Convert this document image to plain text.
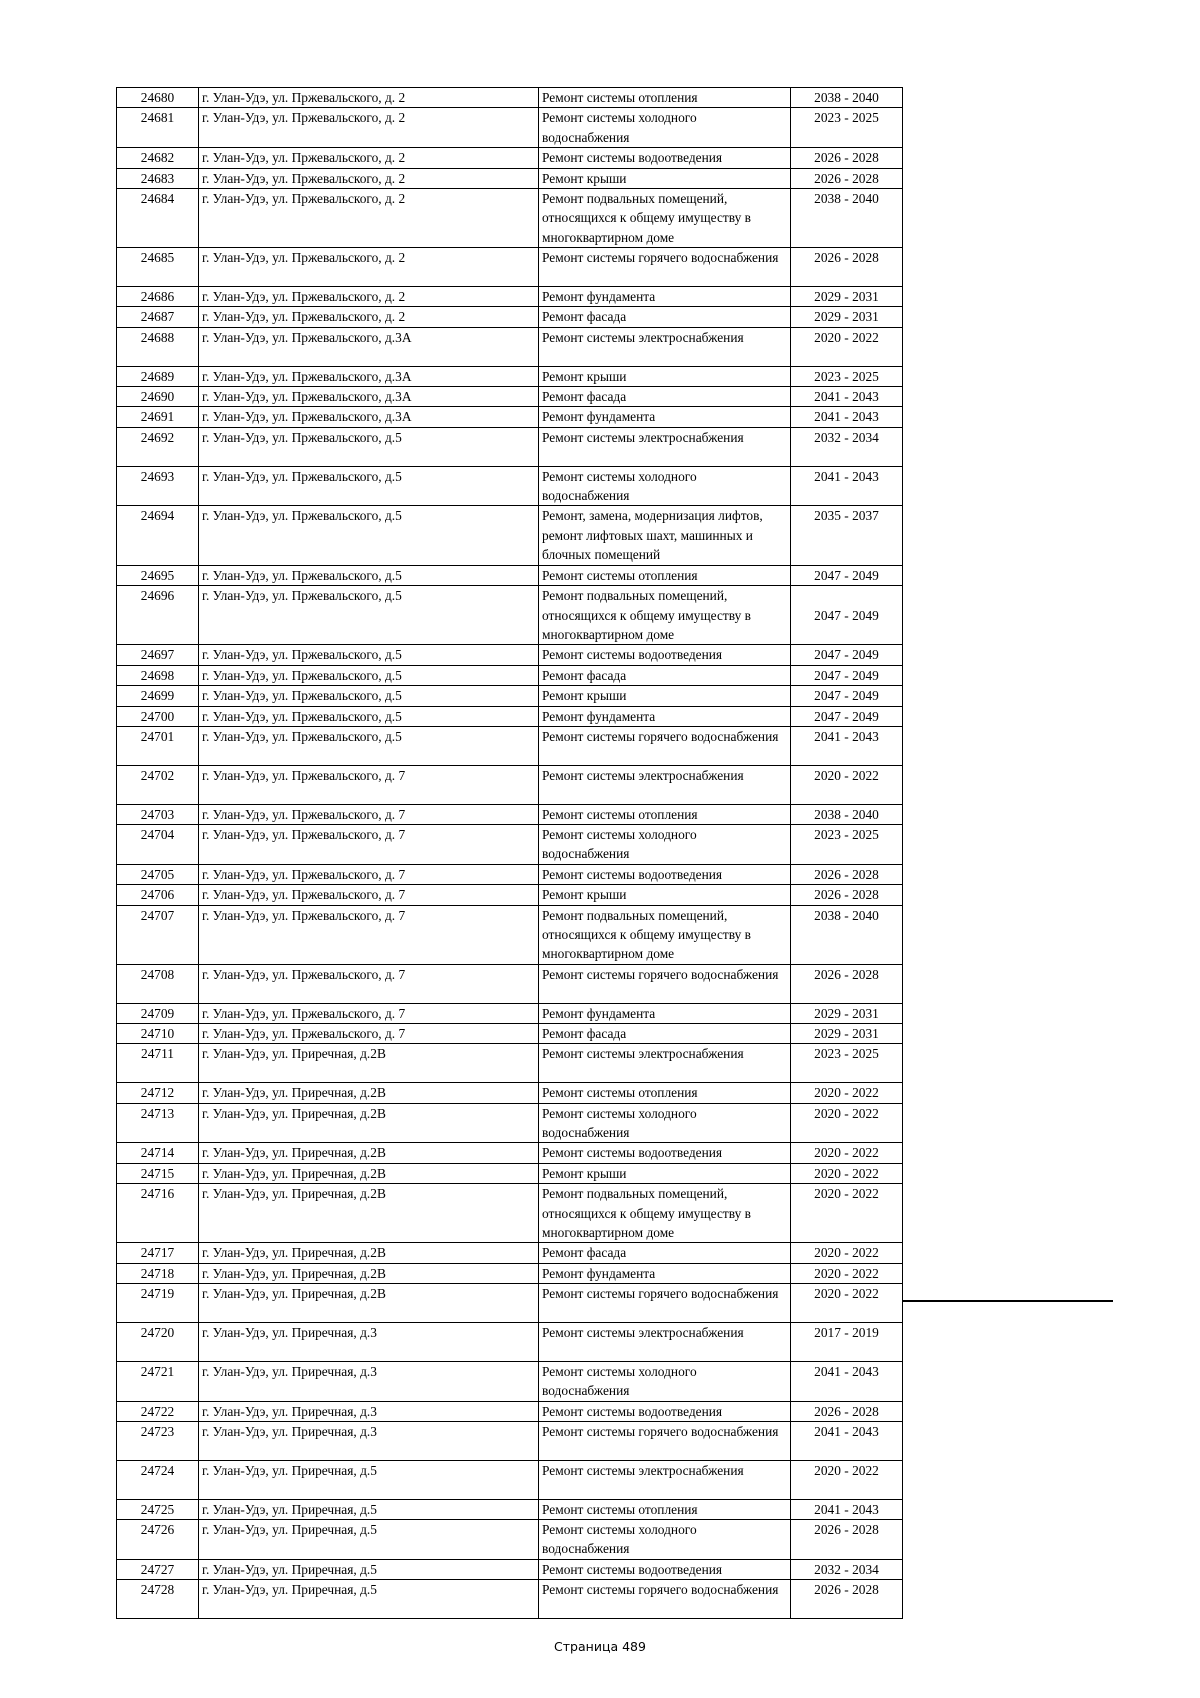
24680	г. Улан-Удэ, ул. Пржевальского, д. 2	Ремонт системы отопления	2038 - 2040
24681	г. Улан-Удэ, ул. Пржевальского, д. 2	Ремонт системы холодного водоснабжения	2023 - 2025
24682	г. Улан-Удэ, ул. Пржевальского, д. 2	Ремонт системы водоотведения	2026 - 2028
24683	г. Улан-Удэ, ул. Пржевальского, д. 2	Ремонт крыши	2026 - 2028
24684	г. Улан-Удэ, ул. Пржевальского, д. 2	Ремонт подвальных помещений, относящихся к общему имуществу в многоквартирном доме	2038 - 2040
24685	г. Улан-Удэ, ул. Пржевальского, д. 2	Ремонт системы горячего водоснабжения	2026 - 2028
24686	г. Улан-Удэ, ул. Пржевальского, д. 2	Ремонт фундамента	2029 - 2031
24687	г. Улан-Удэ, ул. Пржевальского, д. 2	Ремонт фасада	2029 - 2031
24688	г. Улан-Удэ, ул. Пржевальского, д.3А	Ремонт системы электроснабжения	2020 - 2022
24689	г. Улан-Удэ, ул. Пржевальского, д.3А	Ремонт крыши	2023 - 2025
24690	г. Улан-Удэ, ул. Пржевальского, д.3А	Ремонт фасада	2041 - 2043
24691	г. Улан-Удэ, ул. Пржевальского, д.3А	Ремонт фундамента	2041 - 2043
24692	г. Улан-Удэ, ул. Пржевальского, д.5	Ремонт системы электроснабжения	2032 - 2034
24693	г. Улан-Удэ, ул. Пржевальского, д.5	Ремонт системы холодного водоснабжения	2041 - 2043
24694	г. Улан-Удэ, ул. Пржевальского, д.5	Ремонт, замена, модернизация лифтов, ремонт лифтовых шахт, машинных и блочных помещений	2035 - 2037
24695	г. Улан-Удэ, ул. Пржевальского, д.5	Ремонт системы отопления	2047 - 2049
24696	г. Улан-Удэ, ул. Пржевальского, д.5	Ремонт подвальных помещений, относящихся к общему имуществу в многоквартирном доме	2047 - 2049
24697	г. Улан-Удэ, ул. Пржевальского, д.5	Ремонт системы водоотведения	2047 - 2049
24698	г. Улан-Удэ, ул. Пржевальского, д.5	Ремонт фасада	2047 - 2049
24699	г. Улан-Удэ, ул. Пржевальского, д.5	Ремонт крыши	2047 - 2049
24700	г. Улан-Удэ, ул. Пржевальского, д.5	Ремонт фундамента	2047 - 2049
24701	г. Улан-Удэ, ул. Пржевальского, д.5	Ремонт системы горячего водоснабжения	2041 - 2043
24702	г. Улан-Удэ, ул. Пржевальского, д. 7	Ремонт системы электроснабжения	2020 - 2022
24703	г. Улан-Удэ, ул. Пржевальского, д. 7	Ремонт системы отопления	2038 - 2040
24704	г. Улан-Удэ, ул. Пржевальского, д. 7	Ремонт системы холодного водоснабжения	2023 - 2025
24705	г. Улан-Удэ, ул. Пржевальского, д. 7	Ремонт системы водоотведения	2026 - 2028
24706	г. Улан-Удэ, ул. Пржевальского, д. 7	Ремонт крыши	2026 - 2028
24707	г. Улан-Удэ, ул. Пржевальского, д. 7	Ремонт подвальных помещений, относящихся к общему имуществу в многоквартирном доме	2038 - 2040
24708	г. Улан-Удэ, ул. Пржевальского, д. 7	Ремонт системы горячего водоснабжения	2026 - 2028
24709	г. Улан-Удэ, ул. Пржевальского, д. 7	Ремонт фундамента	2029 - 2031
24710	г. Улан-Удэ, ул. Пржевальского, д. 7	Ремонт фасада	2029 - 2031
24711	г. Улан-Удэ, ул. Приречная, д.2В	Ремонт системы электроснабжения	2023 - 2025
24712	г. Улан-Удэ, ул. Приречная, д.2В	Ремонт системы отопления	2020 - 2022
24713	г. Улан-Удэ, ул. Приречная, д.2В	Ремонт системы холодного водоснабжения	2020 - 2022
24714	г. Улан-Удэ, ул. Приречная, д.2В	Ремонт системы водоотведения	2020 - 2022
24715	г. Улан-Удэ, ул. Приречная, д.2В	Ремонт крыши	2020 - 2022
24716	г. Улан-Удэ, ул. Приречная, д.2В	Ремонт подвальных помещений, относящихся к общему имуществу в многоквартирном доме	2020 - 2022
24717	г. Улан-Удэ, ул. Приречная, д.2В	Ремонт фасада	2020 - 2022
24718	г. Улан-Удэ, ул. Приречная, д.2В	Ремонт фундамента	2020 - 2022
24719	г. Улан-Удэ, ул. Приречная, д.2В	Ремонт системы горячего водоснабжения	2020 - 2022
24720	г. Улан-Удэ, ул. Приречная, д.3	Ремонт системы электроснабжения	2017 - 2019
24721	г. Улан-Удэ, ул. Приречная, д.3	Ремонт системы холодного водоснабжения	2041 - 2043
24722	г. Улан-Удэ, ул. Приречная, д.3	Ремонт системы водоотведения	2026 - 2028
24723	г. Улан-Удэ, ул. Приречная, д.3	Ремонт системы горячего водоснабжения	2041 - 2043
24724	г. Улан-Удэ, ул. Приречная, д.5	Ремонт системы электроснабжения	2020 - 2022
24725	г. Улан-Удэ, ул. Приречная, д.5	Ремонт системы отопления	2041 - 2043
24726	г. Улан-Удэ, ул. Приречная, д.5	Ремонт системы холодного водоснабжения	2026 - 2028
24727	г. Улан-Удэ, ул. Приречная, д.5	Ремонт системы водоотведения	2032 - 2034
24728	г. Улан-Удэ, ул. Приречная, д.5	Ремонт системы горячего водоснабжения	2026 - 2028
Страница 489
